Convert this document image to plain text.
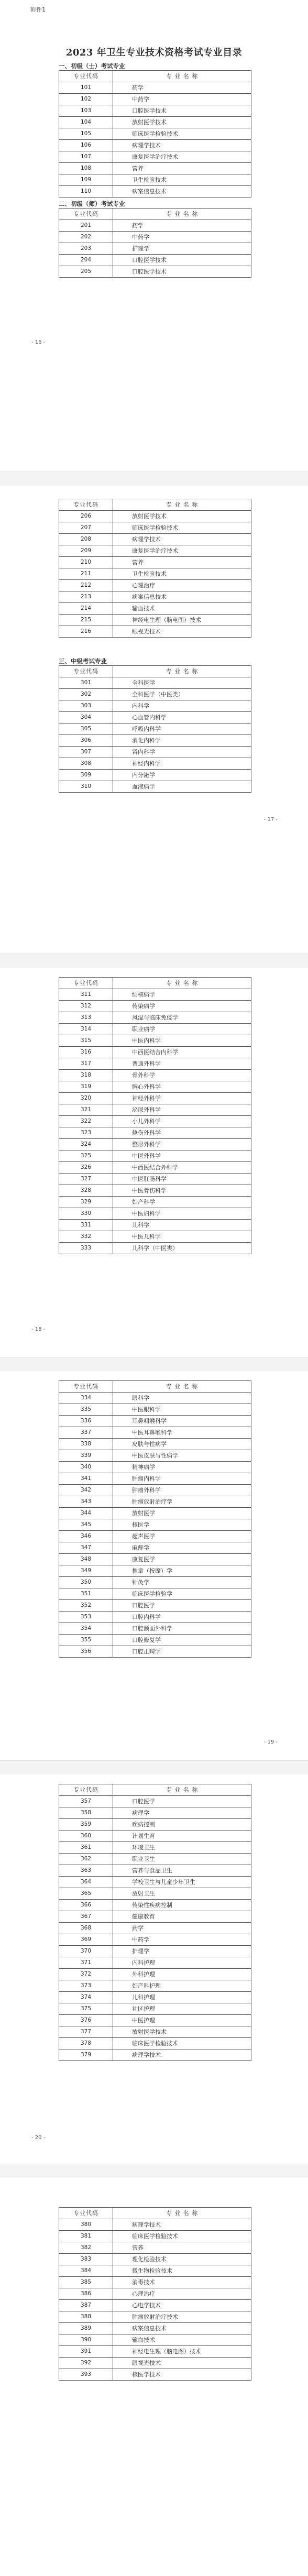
附件1
2023 年卫生专业技术资格考试专业目录
一、初级（士）考试专业
专业代码	专 业 名 称
101	药学
102	中药学
103	口腔医学技术
104	放射医学技术
105	临床医学检验技术
106	病理学技术
107	康复医学治疗技术
108	营养
109	卫生检验技术
110	病案信息技术
二、初级（师）考试专业
专业代码	专 业 名 称
201	药学
202	中药学
203	护理学
204	口腔医学技术
205	口腔医学技术
- 16 -
专业代码	专 业 名 称
206	放射医学技术
207	临床医学检验技术
208	病理学技术
209	康复医学治疗技术
210	营养
211	卫生检验技术
212	心理治疗
213	病案信息技术
214	输血技术
215	神经电生理（脑电图）技术
216	眼视光技术
三、中级考试专业
专业代码	专 业 名 称
301	全科医学
302	全科医学（中医类）
303	内科学
304	心血管内科学
305	呼吸内科学
306	消化内科学
307	肾内科学
308	神经内科学
309	内分泌学
310	血液病学
- 17 -
专业代码	专 业 名 称
311	结核病学
312	传染病学
313	风湿与临床免疫学
314	职业病学
315	中医内科学
316	中西医结合内科学
317	普通外科学
318	骨外科学
319	胸心外科学
320	神经外科学
321	泌尿外科学
322	小儿外科学
323	烧伤外科学
324	整形外科学
325	中医外科学
326	中西医结合外科学
327	中医肛肠科学
328	中医骨伤科学
329	妇产科学
330	中医妇科学
331	儿科学
332	中医儿科学
333	儿科学（中医类）
- 18 -
专业代码	专 业 名 称
334	眼科学
335	中医眼科学
336	耳鼻咽喉科学
337	中医耳鼻喉科学
338	皮肤与性病学
339	中医皮肤与性病学
340	精神病学
341	肿瘤内科学
342	肿瘤外科学
343	肿瘤放射治疗学
344	放射医学
345	核医学
346	超声医学
347	麻醉学
348	康复医学
349	推拿（按摩）学
350	针灸学
351	临床医学检验学
352	口腔医学
353	口腔内科学
354	口腔颌面外科学
355	口腔修复学
356	口腔正畸学
- 19 -
专业代码	专 业 名 称
357	口腔医学
358	病理学
359	疾病控制
360	计划生育
361	环境卫生
362	职业卫生
363	营养与食品卫生
364	学校卫生与儿童少年卫生
365	放射卫生
366	传染性疾病控制
367	健康教育
368	药学
369	中药学
370	护理学
371	内科护理
372	外科护理
373	妇产科护理
374	儿科护理
375	社区护理
376	中医护理
377	放射医学技术
378	临床医学检验技术
379	病理学技术
- 20 -
专业代码	专 业 名 称
380	病理学技术
381	临床医学检验技术
382	营养
383	理化检验技术
384	微生物检验技术
385	消毒技术
386	心理治疗
387	心电学技术
388	肿瘤放射治疗技术
389	病案信息技术
390	输血技术
391	神经电生理（脑电图）技术
392	眼视光技术
393	核医学技术
